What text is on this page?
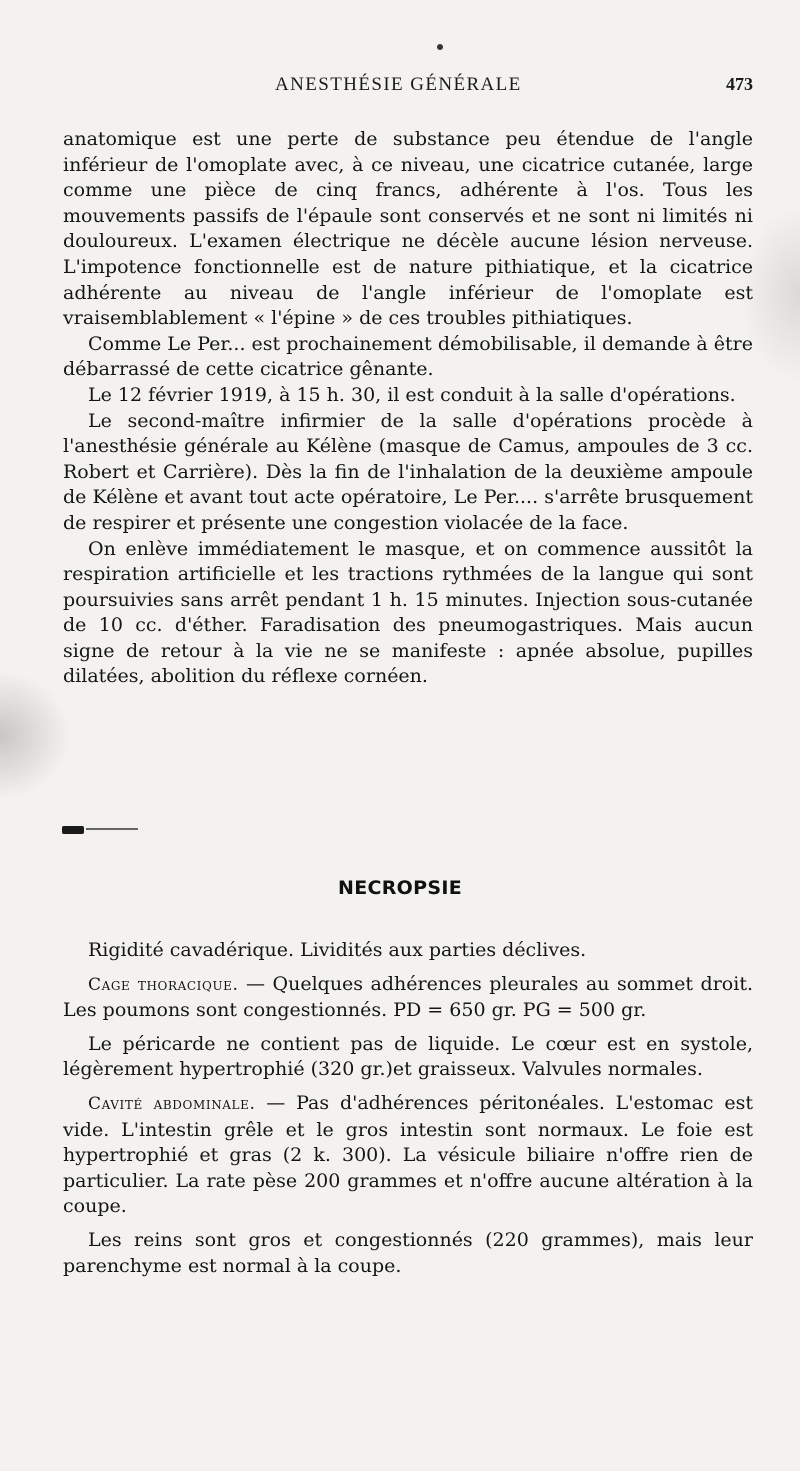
ANESTHÉSIE GÉNÉRALE	473

anatomique est une perte de substance peu étendue de l'angle inférieur de l'omoplate avec, à ce niveau, une cicatrice cutanée, large comme une pièce de cinq francs, adhérente à l'os. Tous les mouvements passifs de l'épaule sont conservés et ne sont ni limités ni douloureux. L'examen électrique ne décèle aucune lésion nerveuse. L'impotence fonctionnelle est de nature pithiatique, et la cicatrice adhérente au niveau de l'angle inférieur de l'omoplate est vraisemblablement « l'épine » de ces troubles pithiatiques.

Comme Le Per... est prochainement démobilisable, il demande à être débarrassé de cette cicatrice gênante.

Le 12 février 1919, à 15 h. 30, il est conduit à la salle d'opérations.

Le second-maître infirmier de la salle d'opérations procède à l'anesthésie générale au Kélène (masque de Camus, ampoules de 3 cc. Robert et Carrière). Dès la fin de l'inhalation de la deuxième ampoule de Kélène et avant tout acte opératoire, Le Per.... s'arrête brusquement de respirer et présente une congestion violacée de la face.

On enlève immédiatement le masque, et on commence aussitôt la respiration artificielle et les tractions rythmées de la langue qui sont poursuivies sans arrêt pendant 1 h. 15 minutes. Injection sous-cutanée de 10 cc. d'éther. Faradisation des pneumogastriques. Mais aucun signe de retour à la vie ne se manifeste : apnée absolue, pupilles dilatées, abolition du réflexe cornéen.

NECROPSIE

Rigidité cavadérique. Lividités aux parties déclives.

Cage thoracique. — Quelques adhérences pleurales au sommet droit. Les poumons sont congestionnés. PD = 650 gr. PG = 500 gr.

Le péricarde ne contient pas de liquide. Le cœur est en systole, légèrement hypertrophié (320 gr.)et graisseux. Valvules normales.

Cavité abdominale. — Pas d'adhérences péritonéales. L'estomac est vide. L'intestin grêle et le gros intestin sont normaux. Le foie est hypertrophié et gras (2 k. 300). La vésicule biliaire n'offre rien de particulier. La rate pèse 200 grammes et n'offre aucune altération à la coupe.

Les reins sont gros et congestionnés (220 grammes), mais leur parenchyme est normal à la coupe.
